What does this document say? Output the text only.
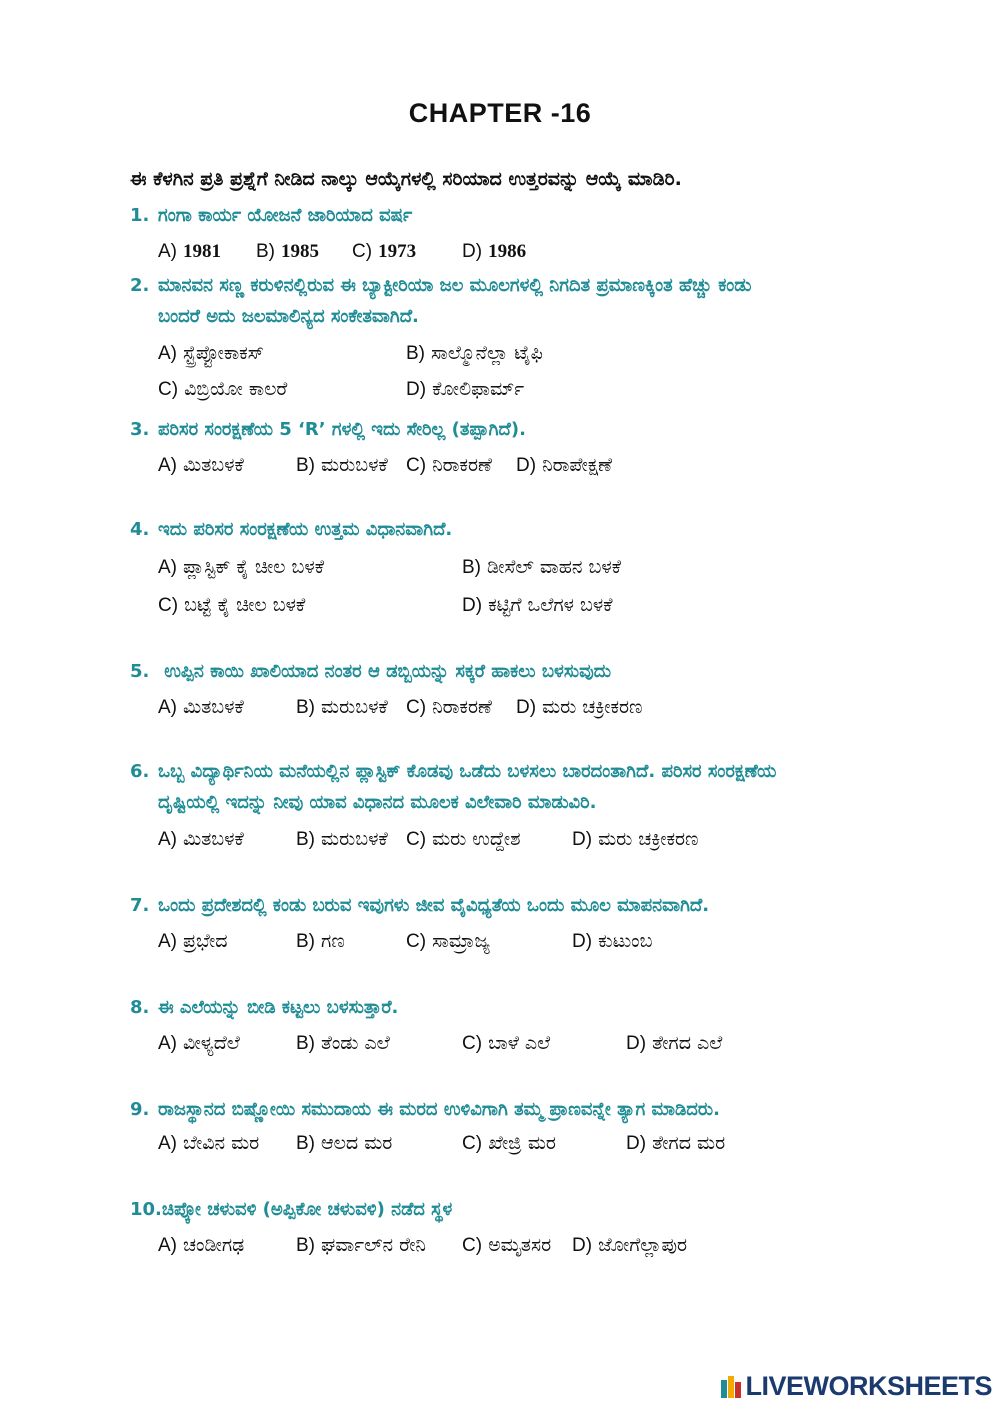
CHAPTER -16
ಈ ಕೆಳಗಿನ ಪ್ರತಿ ಪ್ರಶ್ನೆಗೆ ನೀಡಿದ ನಾಲ್ಕು ಆಯ್ಕೆಗಳಲ್ಲಿ ಸರಿಯಾದ ಉತ್ತರವನ್ನು ಆಯ್ಕೆ ಮಾಡಿರಿ.
1. ಗಂಗಾ ಕಾರ್ಯ ಯೋಜನೆ ಜಾರಿಯಾದ ವರ್ಷ
A) 1981 B) 1985 C) 1973 D) 1986
2. ಮಾನವನ ಸಣ್ಣ ಕರುಳಿನಲ್ಲಿರುವ ಈ ಬ್ಯಾಕ್ಟೀರಿಯಾ ಜಲ ಮೂಲಗಳಲ್ಲಿ ನಿಗದಿತ ಪ್ರಮಾಣಕ್ಕಿಂತ ಹೆಚ್ಚು ಕಂಡು
ಬಂದರೆ ಅದು ಜಲಮಾಲಿನ್ಯದ ಸಂಕೇತವಾಗಿದೆ.
A) ಸ್ಟ್ರೆಪ್ಟೋಕಾಕಸ್	B) ಸಾಲ್ಮೊನೆಲ್ಲಾ ಟೈಫಿ
C) ವಿಬ್ರಿಯೋ ಕಾಲರೆ	D) ಕೋಲಿಫಾರ್ಮ್
3. ಪರಿಸರ ಸಂರಕ್ಷಣೆಯ 5 ‘R’ ಗಳಲ್ಲಿ ಇದು ಸೇರಿಲ್ಲ (ತಪ್ಪಾಗಿದೆ).
A) ಮಿತಬಳಕೆ	B) ಮರುಬಳಕೆ C) ನಿರಾಕರಣೆ D) ನಿರಾಪೇಕ್ಷಣೆ
4. ಇದು ಪರಿಸರ ಸಂರಕ್ಷಣೆಯ ಉತ್ತಮ ವಿಧಾನವಾಗಿದೆ.
A) ಪ್ಲಾಸ್ಟಿಕ್ ಕೈ ಚೀಲ ಬಳಕೆ	B) ಡೀಸೆಲ್ ವಾಹನ ಬಳಕೆ
C) ಬಟ್ಟೆ ಕೈ ಚೀಲ ಬಳಕೆ	D) ಕಟ್ಟಿಗೆ ಒಲೆಗಳ ಬಳಕೆ
5. ಉಪ್ಪಿನ ಕಾಯಿ ಖಾಲಿಯಾದ ನಂತರ ಆ ಡಬ್ಬಿಯನ್ನು ಸಕ್ಕರೆ ಹಾಕಲು ಬಳಸುವುದು
A) ಮಿತಬಳಕೆ	B) ಮರುಬಳಕೆ C) ನಿರಾಕರಣೆ D) ಮರು ಚಕ್ರೀಕರಣ
6. ಒಬ್ಬ ವಿದ್ಯಾರ್ಥಿನಿಯ ಮನೆಯಲ್ಲಿನ ಪ್ಲಾಸ್ಟಿಕ್ ಕೊಡವು ಒಡೆದು ಬಳಸಲು ಬಾರದಂತಾಗಿದೆ. ಪರಿಸರ ಸಂರಕ್ಷಣೆಯ
ದೃಷ್ಟಿಯಲ್ಲಿ ಇದನ್ನು ನೀವು ಯಾವ ವಿಧಾನದ ಮೂಲಕ ವಿಲೇವಾರಿ ಮಾಡುವಿರಿ.
A) ಮಿತಬಳಕೆ	B) ಮರುಬಳಕೆ C) ಮರು ಉದ್ದೇಶ	D) ಮರು ಚಕ್ರೀಕರಣ
7. ಒಂದು ಪ್ರದೇಶದಲ್ಲಿ ಕಂಡು ಬರುವ ಇವುಗಳು ಜೀವ ವೈವಿಧ್ಯತೆಯ ಒಂದು ಮೂಲ ಮಾಪನವಾಗಿದೆ.
A) ಪ್ರಭೇದ	B) ಗಣ	C) ಸಾಮ್ರಾಜ್ಯ	D) ಕುಟುಂಬ
8. ಈ ಎಲೆಯನ್ನು ಬೀಡಿ ಕಟ್ಟಲು ಬಳಸುತ್ತಾರೆ.
A) ವೀಳ್ಯದೆಲೆ	B) ತೆಂಡು ಎಲೆ	C) ಬಾಳೆ ಎಲೆ	D) ತೇಗದ ಎಲೆ
9. ರಾಜಸ್ಥಾನದ ಬಿಷ್ಣೋಯಿ ಸಮುದಾಯ ಈ ಮರದ ಉಳಿವಿಗಾಗಿ ತಮ್ಮ ಪ್ರಾಣವನ್ನೇ ತ್ಯಾಗ ಮಾಡಿದರು.
A) ಬೇವಿನ ಮರ B) ಆಲದ ಮರ	C) ಖೇಜ್ರಿ ಮರ	D) ತೇಗದ ಮರ
10.ಚಿಪ್ಕೋ ಚಳುವಳಿ (ಅಪ್ಪಿಕೋ ಚಳುವಳಿ) ನಡೆದ ಸ್ಥಳ
A) ಚಂಡೀಗಢ	B) ಘರ್ವಾಲ್‌ನ ರೇನಿ C) ಅಮೃತಸರ D) ಜೋಗೆಲ್ಲಾಪುರ
LIVEWORKSHEETS
